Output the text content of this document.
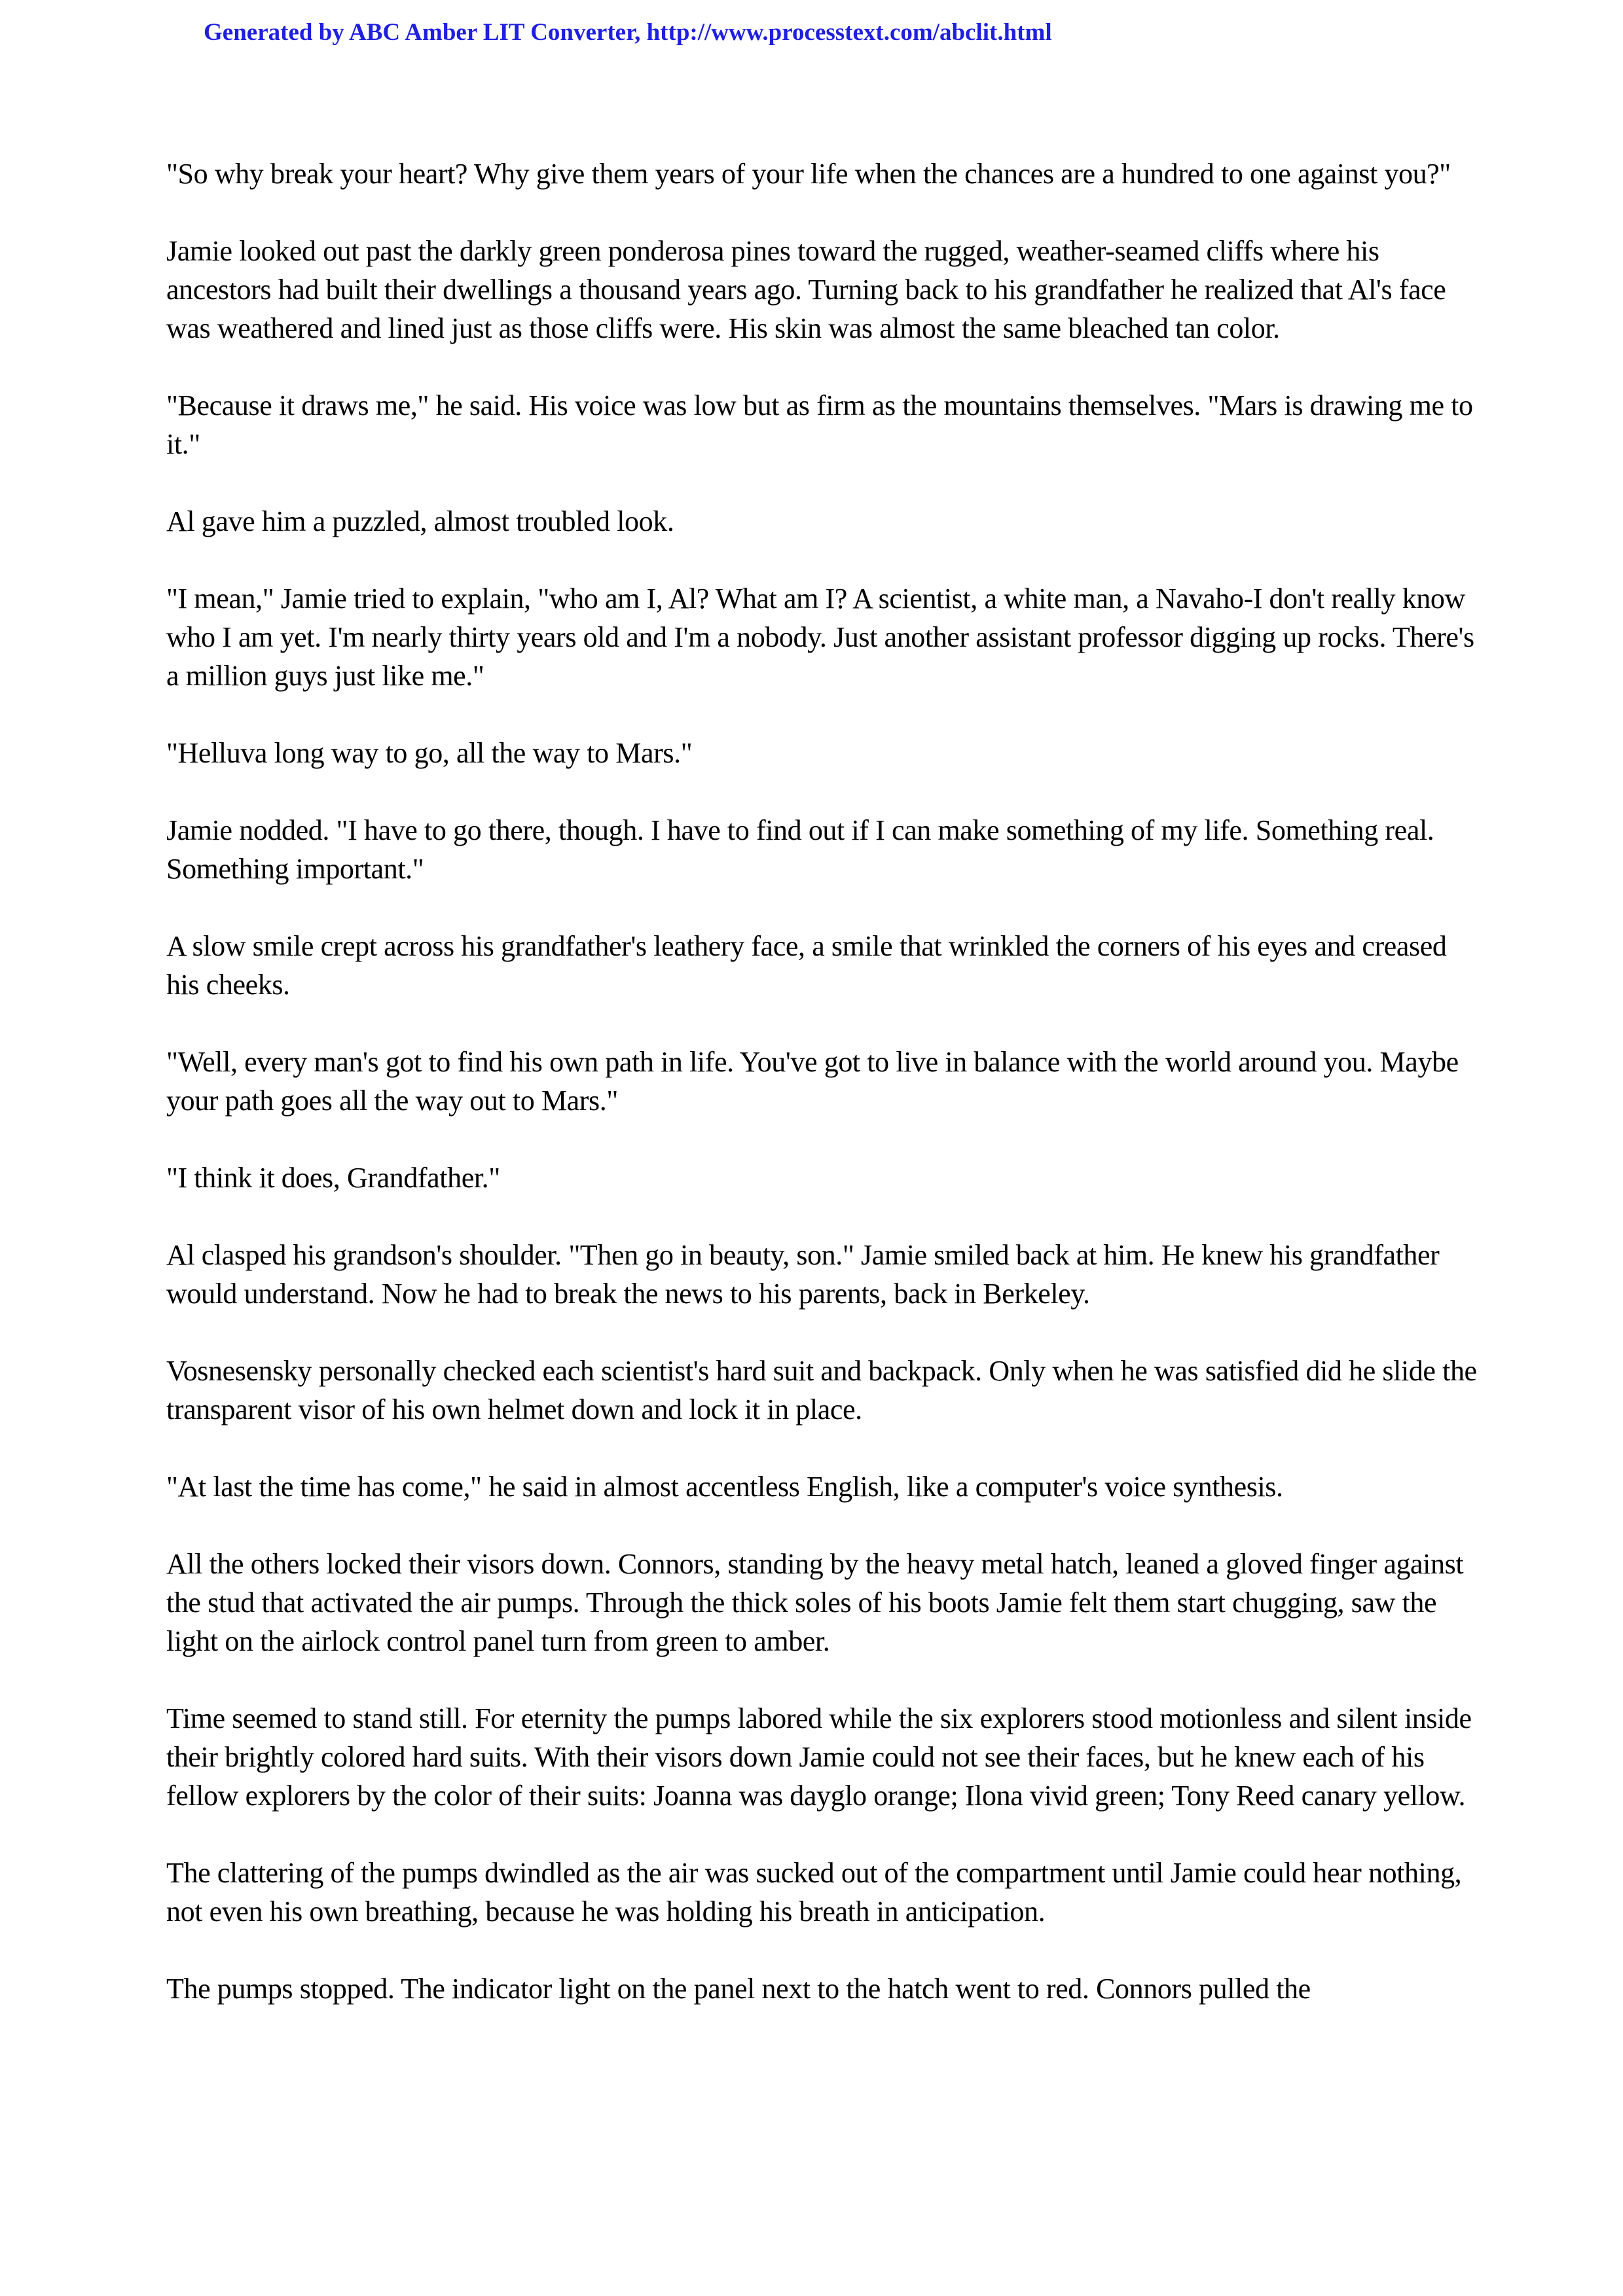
Generated by ABC Amber LIT Converter, http://www.processtext.com/abclit.html

"So why break your heart? Why give them years of your life when the chances are a hundred to one against you?"

Jamie looked out past the darkly green ponderosa pines toward the rugged, weather-seamed cliffs where his ancestors had built their dwellings a thousand years ago. Turning back to his grandfather he realized that Al's face was weathered and lined just as those cliffs were. His skin was almost the same bleached tan color.

"Because it draws me," he said. His voice was low but as firm as the mountains themselves. "Mars is drawing me to it."

Al gave him a puzzled, almost troubled look.

"I mean," Jamie tried to explain, "who am I, Al? What am I? A scientist, a white man, a Navaho-I don't really know who I am yet. I'm nearly thirty years old and I'm a nobody. Just another assistant professor digging up rocks. There's a million guys just like me."

"Helluva long way to go, all the way to Mars."

Jamie nodded. "I have to go there, though. I have to find out if I can make something of my life. Something real. Something important."

A slow smile crept across his grandfather's leathery face, a smile that wrinkled the corners of his eyes and creased his cheeks.

"Well, every man's got to find his own path in life. You've got to live in balance with the world around you. Maybe your path goes all the way out to Mars."

"I think it does, Grandfather."

Al clasped his grandson's shoulder. "Then go in beauty, son." Jamie smiled back at him. He knew his grandfather would understand. Now he had to break the news to his parents, back in Berkeley.

Vosnesensky personally checked each scientist's hard suit and backpack. Only when he was satisfied did he slide the transparent visor of his own helmet down and lock it in place.

"At last the time has come," he said in almost accentless English, like a computer's voice synthesis.

All the others locked their visors down. Connors, standing by the heavy metal hatch, leaned a gloved finger against the stud that activated the air pumps. Through the thick soles of his boots Jamie felt them start chugging, saw the light on the airlock control panel turn from green to amber.

Time seemed to stand still. For eternity the pumps labored while the six explorers stood motionless and silent inside their brightly colored hard suits. With their visors down Jamie could not see their faces, but he knew each of his fellow explorers by the color of their suits: Joanna was dayglo orange; Ilona vivid green; Tony Reed canary yellow.

The clattering of the pumps dwindled as the air was sucked out of the compartment until Jamie could hear nothing, not even his own breathing, because he was holding his breath in anticipation.

The pumps stopped. The indicator light on the panel next to the hatch went to red. Connors pulled the
